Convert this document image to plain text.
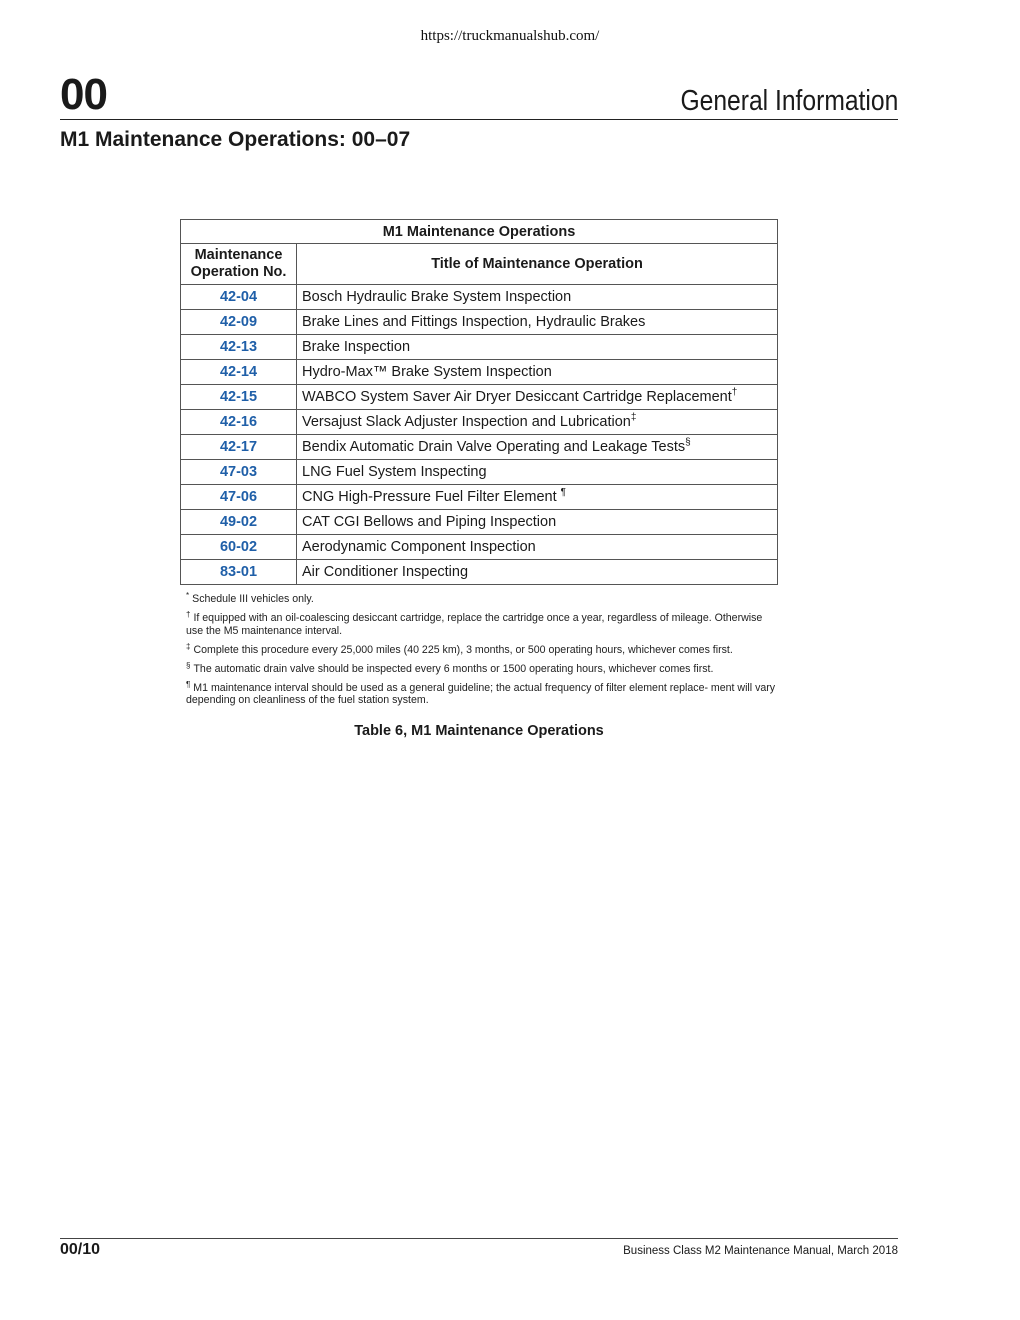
https://truckmanualshub.com/
00	General Information
M1 Maintenance Operations: 00–07
M1 Maintenance Operations	
Maintenance Operation No.	Title of Maintenance Operation
42-04	Bosch Hydraulic Brake System Inspection
42-09	Brake Lines and Fittings Inspection, Hydraulic Brakes
42-13	Brake Inspection
42-14	Hydro-Max™ Brake System Inspection
42-15	WABCO System Saver Air Dryer Desiccant Cartridge Replacement†
42-16	Versajust Slack Adjuster Inspection and Lubrication‡
42-17	Bendix Automatic Drain Valve Operating and Leakage Tests§
47-03	LNG Fuel System Inspecting
47-06	CNG High-Pressure Fuel Filter Element ¶
49-02	CAT CGI Bellows and Piping Inspection
60-02	Aerodynamic Component Inspection
83-01	Air Conditioner Inspecting
* Schedule III vehicles only.
† If equipped with an oil-coalescing desiccant cartridge, replace the cartridge once a year, regardless of mileage. Otherwise use the M5 maintenance interval.
‡ Complete this procedure every 25,000 miles (40 225 km), 3 months, or 500 operating hours, whichever comes first.
§ The automatic drain valve should be inspected every 6 months or 1500 operating hours, whichever comes first.
¶ M1 maintenance interval should be used as a general guideline; the actual frequency of filter element replace- ment will vary depending on cleanliness of the fuel station system.
Table 6, M1 Maintenance Operations
00/10	Business Class M2 Maintenance Manual, March 2018
